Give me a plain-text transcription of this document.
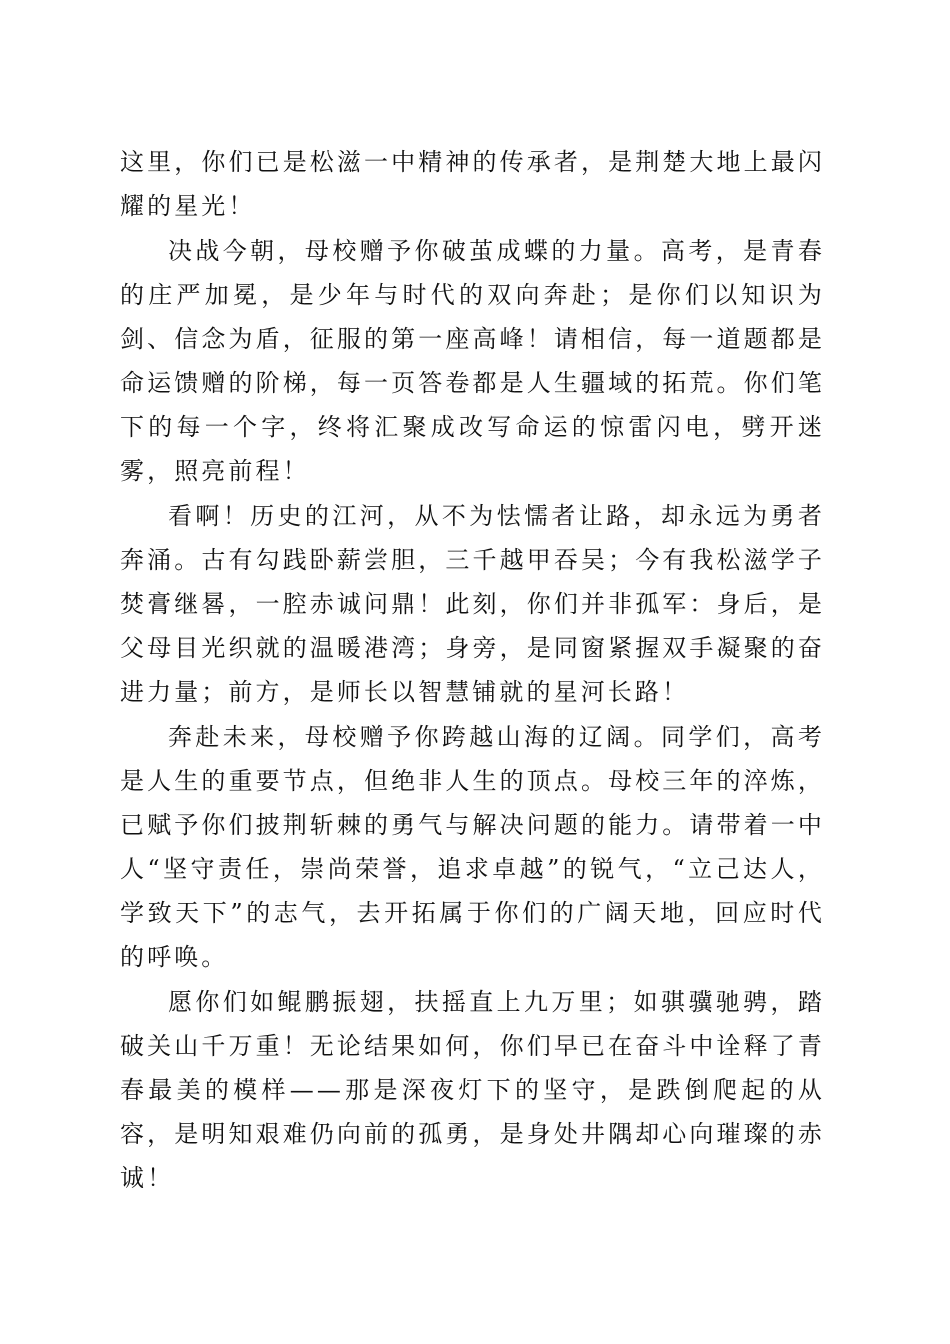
这里，你们已是松滋一中精神的传承者，是荆楚大地上最闪耀的星光！

决战今朝，母校赠予你破茧成蝶的力量。高考，是青春的庄严加冕，是少年与时代的双向奔赴；是你们以知识为剑、信念为盾，征服的第一座高峰！请相信，每一道题都是命运馈赠的阶梯，每一页答卷都是人生疆域的拓荒。你们笔下的每一个字，终将汇聚成改写命运的惊雷闪电，劈开迷雾，照亮前程！

看啊！历史的江河，从不为怯懦者让路，却永远为勇者奔涌。古有勾践卧薪尝胆，三千越甲吞吴；今有我松滋学子焚膏继晷，一腔赤诚问鼎！此刻，你们并非孤军：身后，是父母目光织就的温暖港湾；身旁，是同窗紧握双手凝聚的奋进力量；前方，是师长以智慧铺就的星河长路！

奔赴未来，母校赠予你跨越山海的辽阔。同学们，高考是人生的重要节点，但绝非人生的顶点。母校三年的淬炼，已赋予你们披荆斩棘的勇气与解决问题的能力。请带着一中人“坚守责任，崇尚荣誉，追求卓越”的锐气，“立己达人，学致天下”的志气，去开拓属于你们的广阔天地，回应时代的呼唤。

愿你们如鲲鹏振翅，扶摇直上九万里；如骐骥驰骋，踏破关山千万重！无论结果如何，你们早已在奋斗中诠释了青春最美的模样——那是深夜灯下的坚守，是跌倒爬起的从容，是明知艰难仍向前的孤勇，是身处井隅却心向璀璨的赤诚！
